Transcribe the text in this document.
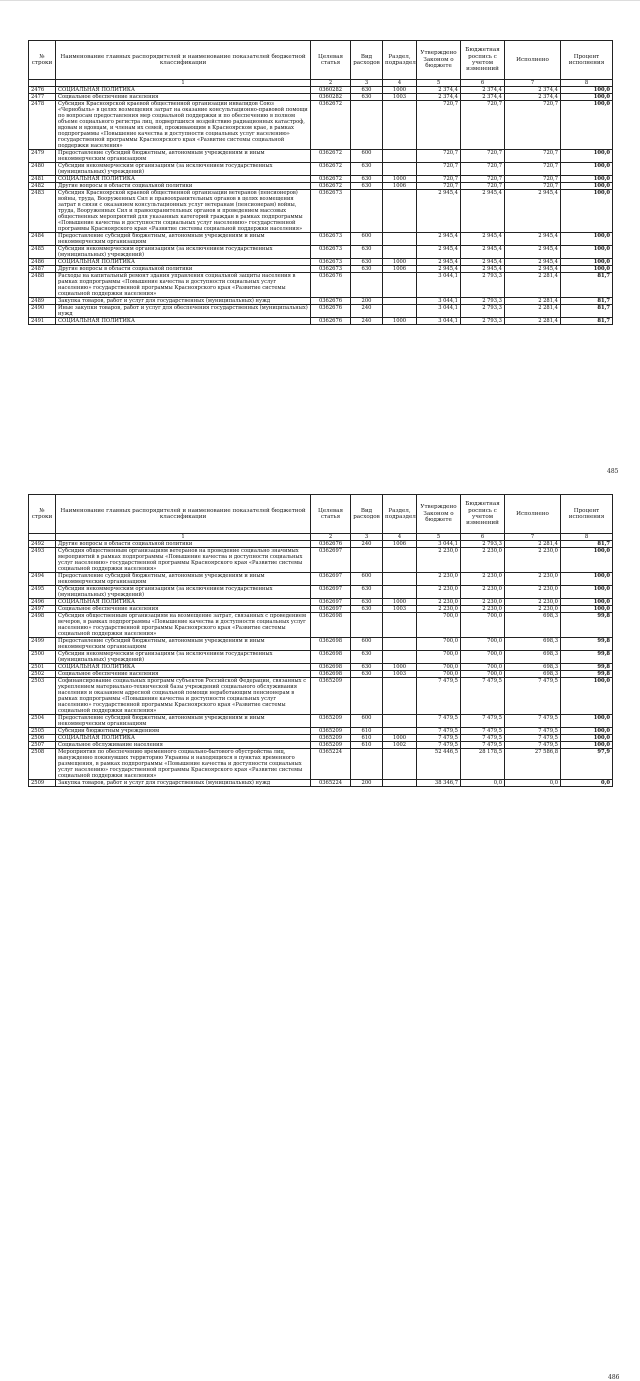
№ строки	Наименование главных распорядителей и наименование показателей бюджетной классификации	Целевая статья	Вид расходов	Раздел, подраздел	Утверждено Законом о бюджете	Бюджетная роспись с учетом изменений	Исполнено	Процент исполнения
	1	2	3	4	5	6	7	8
2476	СОЦИАЛЬНАЯ ПОЛИТИКА	0360282	630	1000	2 374,4	2 374,4	2 374,4	100,0
2477	Социальное обеспечение населения	0360282	630	1003	2 374,4	2 374,4	2 374,4	100,0
2478	Субсидия Красноярской краевой общественной организации инвалидов Союз «Чернобыль» в целях возмещения затрат на оказание консультационно-правовой помощи по вопросам предоставления мер социальной поддержки и по обеспечению в полном объеме социального регистра лиц, подвергшихся воздействию радиационных катастроф, вдовам и вдовцам, и членам их семей, проживающим в Красноярском крае, в рамках подпрограммы «Повышение качества и доступности социальных услуг населению» государственной программы Красноярского края «Развитие системы социальной поддержки населения»	0362672			720,7	720,7	720,7	100,0
2479	Предоставление субсидий бюджетным, автономным учреждениям и иным некоммерческим организациям	0362672	600		720,7	720,7	720,7	100,0
2480	Субсидии некоммерческим организациям (за исключением государственных (муниципальных) учреждений)	0362672	630		720,7	720,7	720,7	100,0
2481	СОЦИАЛЬНАЯ ПОЛИТИКА	0362672	630	1000	720,7	720,7	720,7	100,0
2482	Другие вопросы в области социальной политики	0362672	630	1006	720,7	720,7	720,7	100,0
2483	Субсидия Красноярской краевой общественной организации ветеранов (пенсионеров) войны, труда, Вооруженных Сил и правоохранительных органов в целях возмещения затрат в связи с оказанием консультационных услуг ветеранам (пенсионерам) войны, труда, Вооруженных Сил и правоохранительных органов и проведением массовых общественных мероприятий для указанных категорий граждан в рамках подпрограммы «Повышение качества и доступности социальных услуг населению» государственной программы Красноярского края «Развитие системы социальной поддержки населения»	0362673			2 945,4	2 945,4	2 945,4	100,0
2484	Предоставление субсидий бюджетным, автономным учреждениям и иным некоммерческим организациям	0362673	600		2 945,4	2 945,4	2 945,4	100,0
2485	Субсидии некоммерческим организациям (за исключением государственных (муниципальных) учреждений)	0362673	630		2 945,4	2 945,4	2 945,4	100,0
2486	СОЦИАЛЬНАЯ ПОЛИТИКА	0362673	630	1000	2 945,4	2 945,4	2 945,4	100,0
2487	Другие вопросы в области социальной политики	0362673	630	1006	2 945,4	2 945,4	2 945,4	100,0
2488	Расходы на капитальный ремонт здания управления социальной защиты населения в рамках подпрограммы «Повышение качества и доступности социальных услуг населению» государственной программы Красноярского края «Развитие системы социальной поддержки населения»	0362676			3 044,1	2 793,3	2 281,4	81,7
2489	Закупка товаров, работ и услуг для государственных (муниципальных) нужд	0362676	200		3 044,1	2 793,3	2 281,4	81,7
2490	Иные закупки товаров, работ и услуг для обеспечения государственных (муниципальных) нужд	0362676	240		3 044,1	2 793,3	2 281,4	81,7
2491	СОЦИАЛЬНАЯ ПОЛИТИКА	0362676	240	1000	3 044,1	2 793,3	2 281,4	81,7
485
№ строки	Наименование главных распорядителей и наименование показателей бюджетной классификации	Целевая статья	Вид расходов	Раздел, подраздел	Утверждено Законом о бюджете	Бюджетная роспись с учетом изменений	Исполнено	Процент исполнения
	1	2	3	4	5	6	7	8
2492	Другие вопросы в области социальной политики	0362676	240	1006	3 044,1	2 793,3	2 281,4	81,7
2493	Субсидия общественным организациям ветеранов на проведение социально значимых мероприятий в рамках подпрограммы «Повышение качества и доступности социальных услуг населению» государственной программы Красноярского края «Развитие системы социальной поддержки населения»	0362697			2 230,0	2 230,0	2 230,0	100,0
2494	Предоставление субсидий бюджетным, автономным учреждениям и иным некоммерческим организациям	0362697	600		2 230,0	2 230,0	2 230,0	100,0
2495	Субсидии некоммерческим организациям (за исключением государственных (муниципальных) учреждений)	0362697	630		2 230,0	2 230,0	2 230,0	100,0
2496	СОЦИАЛЬНАЯ ПОЛИТИКА	0362697	630	1000	2 230,0	2 230,0	2 230,0	100,0
2497	Социальное обеспечение населения	0362697	630	1003	2 230,0	2 230,0	2 230,0	100,0
2498	Субсидия общественным организациям на возмещение затрат, связанных с проведением вечеров, в рамках подпрограммы «Повышение качества и доступности социальных услуг населению» государственной программы Красноярского края «Развитие системы социальной поддержки населения»	0362698			700,0	700,0	698,3	99,8
2499	Предоставление субсидий бюджетным, автономным учреждениям и иным некоммерческим организациям	0362698	600		700,0	700,0	698,3	99,8
2500	Субсидии некоммерческим организациям (за исключением государственных (муниципальных) учреждений)	0362698	630		700,0	700,0	698,3	99,8
2501	СОЦИАЛЬНАЯ ПОЛИТИКА	0362698	630	1000	700,0	700,0	698,3	99,8
2502	Социальное обеспечение населения	0362698	630	1003	700,0	700,0	698,3	99,8
2503	Софинансирование социальных программ субъектов Российской Федерации, связанных с укреплением материально-технической базы учреждений социального обслуживания населения и оказанием адресной социальной помощи неработающим пенсионерам в рамках подпрограммы «Повышение качества и доступности социальных услуг населению» государственной программы Красноярского края «Развитие системы социальной поддержки населения»	0365209			7 479,5	7 479,5	7 479,5	100,0
2504	Предоставление субсидий бюджетным, автономным учреждениям и иным некоммерческим организациям	0365209	600		7 479,5	7 479,5	7 479,5	100,0
2505	Субсидии бюджетным учреждениям	0365209	610		7 479,5	7 479,5	7 479,5	100,0
2506	СОЦИАЛЬНАЯ ПОЛИТИКА	0365209	610	1000	7 479,5	7 479,5	7 479,5	100,0
2507	Социальное обслуживание населения	0365209	610	1002	7 479,5	7 479,5	7 479,5	100,0
2508	Мероприятия по обеспечению временного социально-бытового обустройства лиц, вынужденно покинувших территорию Украины и находящихся в пунктах временного размещения, в рамках подпрограммы «Повышение качества и доступности социальных услуг населению» государственной программы Красноярского края «Развитие системы социальной поддержки населения»	0365224			52 446,5	28 178,5	27 586,8	97,9
2509	Закупка товаров, работ и услуг для государственных (муниципальных) нужд	0365224	200		38 346,7	0,0	0,0	0,0
486
